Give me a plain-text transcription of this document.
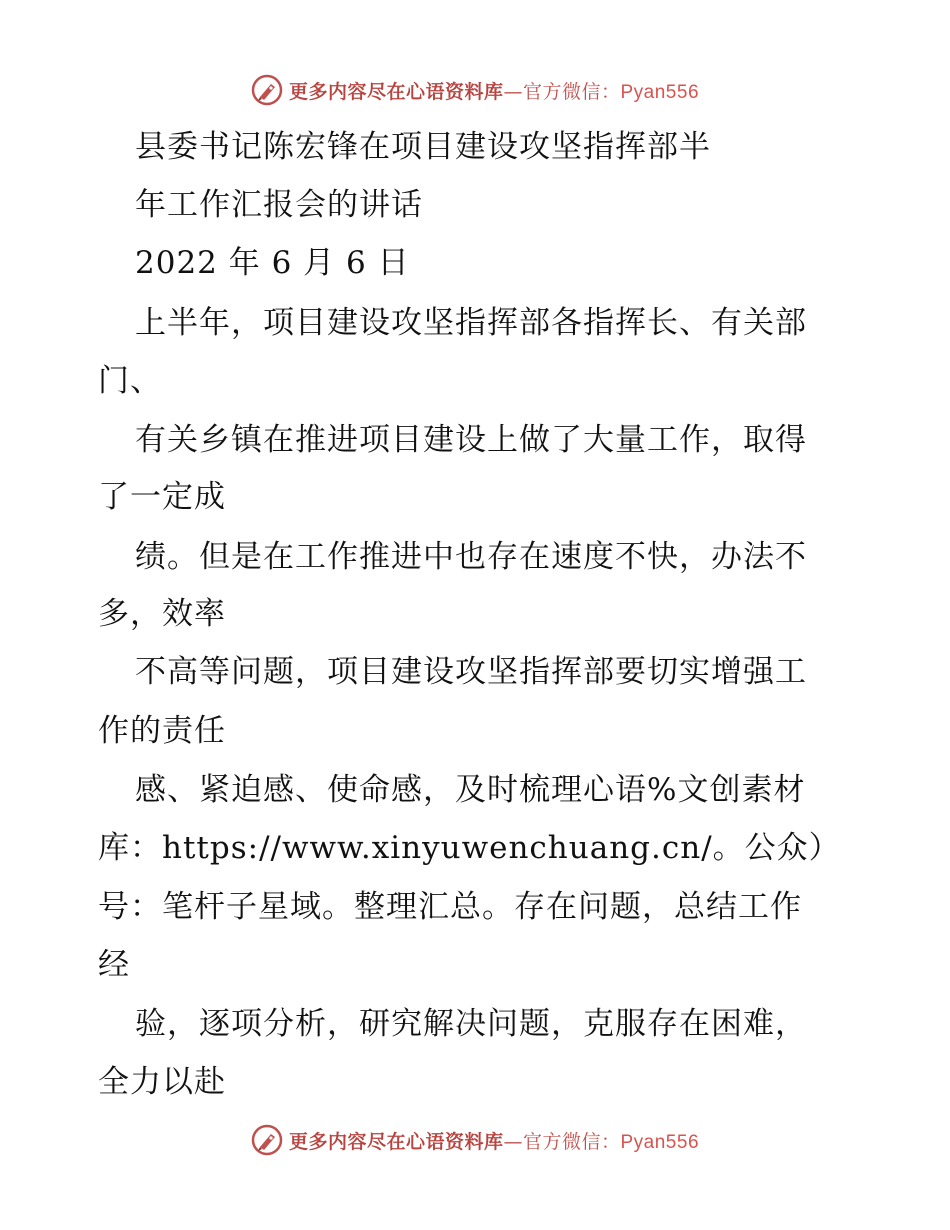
更多内容尽在心语资料库—官方微信：Pyan556
县委书记陈宏锋在项目建设攻坚指挥部半
年工作汇报会的讲话
2022 年 6 月 6 日
上半年，项目建设攻坚指挥部各指挥长、有关部
门、
有关乡镇在推进项目建设上做了大量工作，取得
了一定成
绩。但是在工作推进中也存在速度不快，办法不
多，效率
不高等问题，项目建设攻坚指挥部要切实增强工
作的责任
感、紧迫感、使命感，及时梳理心语%文创素材
库：https://www.xinyuwenchuang.cn/。公众）
号：笔杆子星域。整理汇总。存在问题，总结工作
经
验，逐项分析，研究解决问题，克服存在困难，
全力以赴
更多内容尽在心语资料库—官方微信：Pyan556
